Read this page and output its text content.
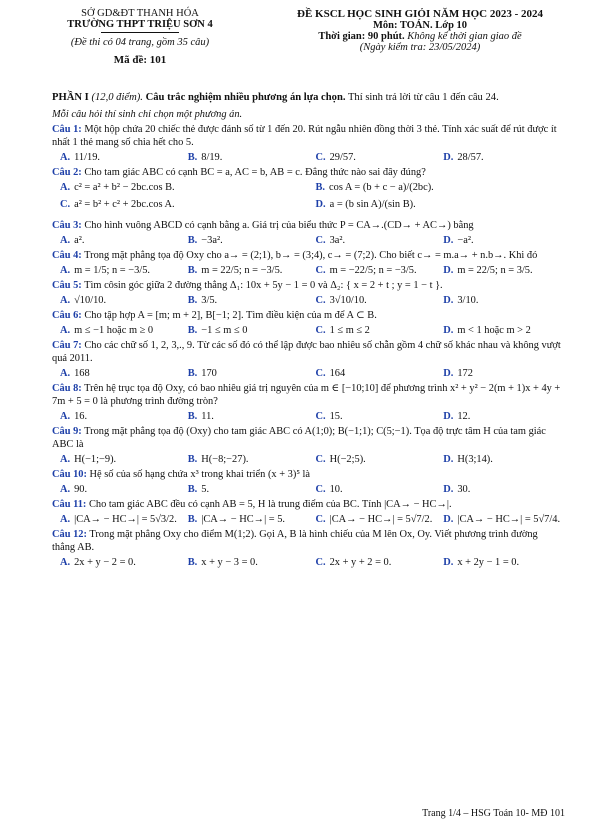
SỞ GD&ĐT THANH HÓA
TRƯỜNG THPT TRIỆU SƠN 4
(Đề thi có 04 trang, gồm 35 câu)
Mã đề: 101
ĐỀ KSCL HỌC SINH GIỎI NĂM HỌC 2023 - 2024
Môn: TOÁN. Lớp 10
Thời gian: 90 phút. Không kể thời gian giao đề
(Ngày kiểm tra: 23/05/2024)
PHẦN I (12,0 điểm). Câu trắc nghiệm nhiều phương án lựa chọn. Thí sinh trả lời từ câu 1 đến câu 24.
Mỗi câu hỏi thí sinh chỉ chọn một phương án.
Câu 1: Một hộp chứa 20 chiếc thẻ được đánh số từ 1 đến 20. Rút ngẫu nhiên đồng thời 3 thẻ. Tính xác suất để rút được ít nhất 1 thẻ mang số chia hết cho 5.
A. 11/19.	B. 8/19.	C. 29/57.	D. 28/57.
Câu 2: Cho tam giác ABC có cạnh BC = a, AC = b, AB = c. Đẳng thức nào sai đây đúng?
A. c² = a² + b² − 2bc.cos B.	B. cos A = (b + c − a)/(2bc).
C. a² = b² + c² + 2bc.cos A.	D. a = (b sin A)/(sin B).
Câu 3: Cho hình vuông ABCD có cạnh bằng a. Giá trị của biểu thức P = CA→.(CD→ + AC→) bằng
A. a².	B. −3a².	C. 3a².	D. −a².
Câu 4: Trong mặt phẳng tọa độ Oxy cho a→ = (2;1), b→ = (3;4), c→ = (7;2). Cho biết c→ = m.a→ + n.b→. Khi đó
A. m = 1/5; n = −3/5.	B. m = 22/5; n = −3/5.	C. m = −22/5; n = −3/5.	D. m = 22/5; n = 3/5.
Câu 5: Tìm côsin góc giữa 2 đường thẳng Δ₁: 10x + 5y − 1 = 0 và Δ₂: { x = 2 + t ; y = 1 − t }.
A. √10/10.	B. 3/5.	C. 3√10/10.	D. 3/10.
Câu 6: Cho tập hợp A = [m; m + 2], B[−1; 2]. Tìm điều kiện của m để A ⊂ B.
A. m ≤ −1 hoặc m ≥ 0	B. −1 ≤ m ≤ 0	C. 1 ≤ m ≤ 2	D. m < 1 hoặc m > 2
Câu 7: Cho các chữ số 1, 2, 3,., 9. Từ các số đó có thể lập được bao nhiêu số chẵn gồm 4 chữ số khác nhau và không vượt quá 2011.
A. 168	B. 170	C. 164	D. 172
Câu 8: Trên hệ trục tọa độ Oxy, có bao nhiêu giá trị nguyên của m ∈ [−10;10] để phương trình x² + y² − 2(m + 1)x + 4y + 7m + 5 = 0 là phương trình đường tròn?
A. 16.	B. 11.	C. 15.	D. 12.
Câu 9: Trong mặt phẳng tọa độ (Oxy) cho tam giác ABC có A(1;0); B(−1;1); C(5;−1). Tọa độ trực tâm H của tam giác ABC là
A. H(−1;−9).	B. H(−8;−27).	C. H(−2;5).	D. H(3;14).
Câu 10: Hệ số của số hạng chứa x³ trong khai triển (x + 3)⁵ là
A. 90.	B. 5.	C. 10.	D. 30.
Câu 11: Cho tam giác ABC đều có cạnh AB = 5, H là trung điểm của BC. Tính |CA→ − HC→|.
A. |CA→ − HC→| = 5√3/2.	B. |CA→ − HC→| = 5.	C. |CA→ − HC→| = 5√7/2.	D. |CA→ − HC→| = 5√7/4.
Câu 12: Trong mặt phẳng Oxy cho điểm M(1;2). Gọi A, B là hình chiếu của M lên Ox, Oy. Viết phương trình đường thẳng AB.
A. 2x + y − 2 = 0.	B. x + y − 3 = 0.	C. 2x + y + 2 = 0.	D. x + 2y − 1 = 0.
Trang 1/4 – HSG Toán 10- MĐ 101
